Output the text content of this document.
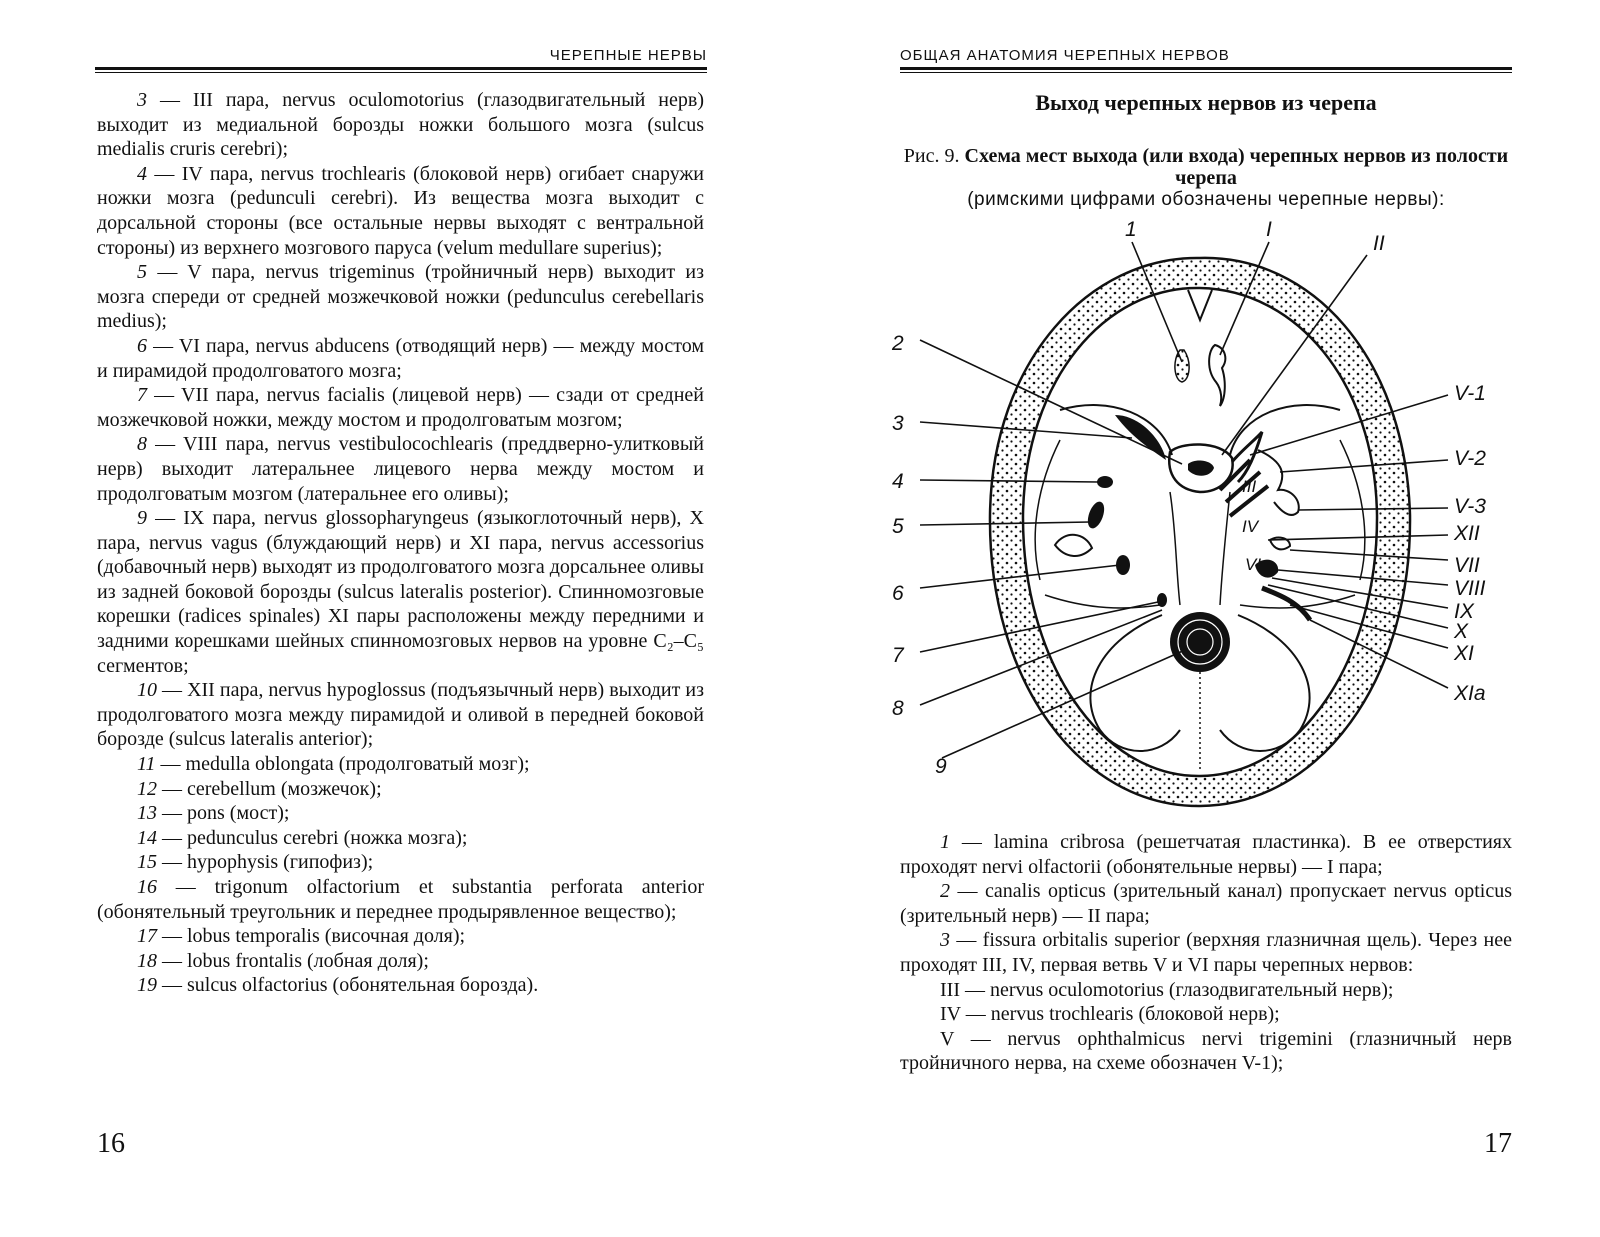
ЧЕРЕПНЫЕ НЕРВЫ

3 — III пара, nervus oculomotorius (глазодвигательный нерв) выходит из медиальной борозды ножки большого мозга (sulcus medialis cruris cerebri);

4 — IV пара, nervus trochlearis (блоковой нерв) огибает снаружи ножки мозга (pedunculi cerebri). Из вещества мозга выходит с дорсальной стороны (все остальные нервы выходят с вентральной стороны) из верхнего мозгового паруса (velum medullare superius);

5 — V пара, nervus trigeminus (тройничный нерв) выходит из мозга спереди от средней мозжечковой ножки (pedunculus cerebellaris medius);

6 — VI пара, nervus abducens (отводящий нерв) — между мостом и пирамидой продолговатого мозга;

7 — VII пара, nervus facialis (лицевой нерв) — сзади от средней мозжечковой ножки, между мостом и продолговатым мозгом;

8 — VIII пара, nervus vestibulocochlearis (преддверно-улитковый нерв) выходит латеральнее лицевого нерва между мостом и продолговатым мозгом (латеральнее его оливы);

9 — IX пара, nervus glossopharyngeus (языкоглоточный нерв), X пара, nervus vagus (блуждающий нерв) и XI пара, nervus accessorius (добавочный нерв) выходят из продолговатого мозга дорсальнее оливы из задней боковой борозды (sulcus lateralis posterior). Спинномозговые корешки (radices spinales) XI пары расположены между передними и задними корешками шейных спинномозговых нервов на уровне C₂–C₅ сегментов;

10 — XII пара, nervus hypoglossus (подъязычный нерв) выходит из продолговатого мозга между пирамидой и оливой в передней боковой борозде (sulcus lateralis anterior);

11 — medulla oblongata (продолговатый мозг);

12 — cerebellum (мозжечок);

13 — pons (мост);

14 — pedunculus cerebri (ножка мозга);

15 — hypophysis (гипофиз);

16 — trigonum olfactorium et substantia perforata anterior (обонятельный треугольник и переднее продырявленное вещество);

17 — lobus temporalis (височная доля);

18 — lobus frontalis (лобная доля);

19 — sulcus olfactorius (обонятельная борозда).

16
ОБЩАЯ АНАТОМИЯ ЧЕРЕПНЫХ НЕРВОВ
Выход черепных нервов из черепа
Рис. 9. Схема мест выхода (или входа) черепных нервов из полости черепа
(римскими цифрами обозначены черепные нервы):
1	I
II
2
3
4
5
6
7
8
9
V-1
V-2
V-3
XII
VII
VIII
IX
X
XI
XIa
III
IV
VI

1 — lamina cribrosa (решетчатая пластинка). В ее отверстиях проходят nervi olfactorii (обонятельные нервы) — I пара;

2 — canalis opticus (зрительный канал) пропускает nervus opticus (зрительный нерв) — II пара;

3 — fissura orbitalis superior (верхняя глазничная щель). Через нее проходят III, IV, первая ветвь V и VI пары черепных нервов:

III — nervus oculomotorius (глазодвигательный нерв);

IV — nervus trochlearis (блоковой нерв);

V — nervus ophthalmicus nervi trigemini (глазничный нерв тройничного нерва, на схеме обозначен V-1);

17
